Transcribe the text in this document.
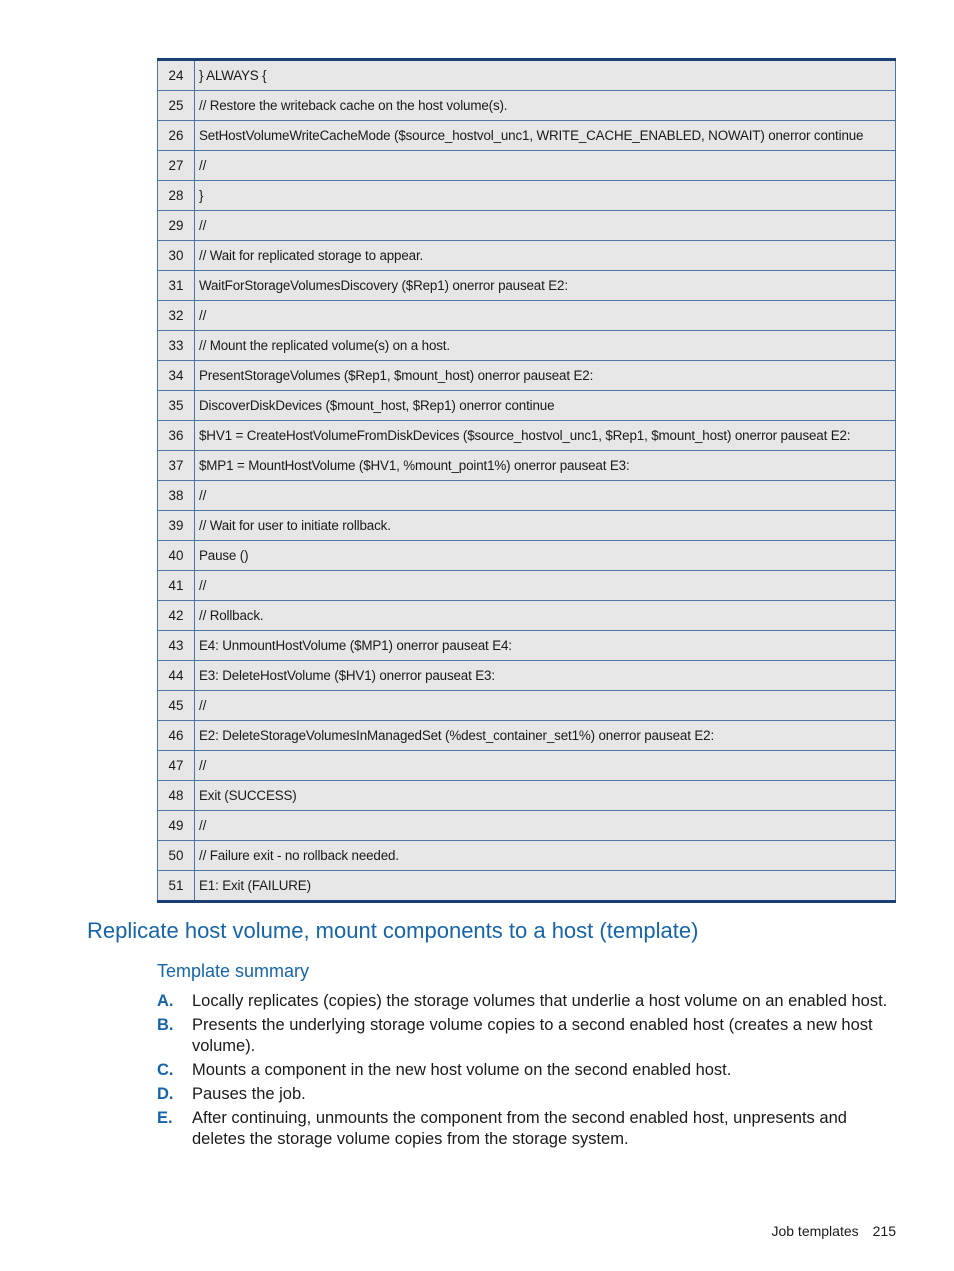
24	} ALWAYS {
25	// Restore the writeback cache on the host volume(s).
26	SetHostVolumeWriteCacheMode ($source_hostvol_unc1, WRITE_CACHE_ENABLED, NOWAIT) onerror continue
27	//
28	}
29	//
30	// Wait for replicated storage to appear.
31	WaitForStorageVolumesDiscovery ($Rep1) onerror pauseat E2:
32	//
33	// Mount the replicated volume(s) on a host.
34	PresentStorageVolumes ($Rep1, $mount_host) onerror pauseat E2:
35	DiscoverDiskDevices ($mount_host, $Rep1) onerror continue
36	$HV1 = CreateHostVolumeFromDiskDevices ($source_hostvol_unc1, $Rep1, $mount_host) onerror pauseat E2:
37	$MP1 = MountHostVolume ($HV1, %mount_point1%) onerror pauseat E3:
38	//
39	// Wait for user to initiate rollback.
40	Pause ()
41	//
42	// Rollback.
43	E4: UnmountHostVolume ($MP1) onerror pauseat E4:
44	E3: DeleteHostVolume ($HV1) onerror pauseat E3:
45	//
46	E2: DeleteStorageVolumesInManagedSet (%dest_container_set1%) onerror pauseat E2:
47	//
48	Exit (SUCCESS)
49	//
50	// Failure exit - no rollback needed.
51	E1: Exit (FAILURE)
Replicate host volume, mount components to a host (template)
Template summary
A. Locally replicates (copies) the storage volumes that underlie a host volume on an enabled host.
B. Presents the underlying storage volume copies to a second enabled host (creates a new host volume).
C. Mounts a component in the new host volume on the second enabled host.
D. Pauses the job.
E. After continuing, unmounts the component from the second enabled host, unpresents and deletes the storage volume copies from the storage system.
Job templates 215
